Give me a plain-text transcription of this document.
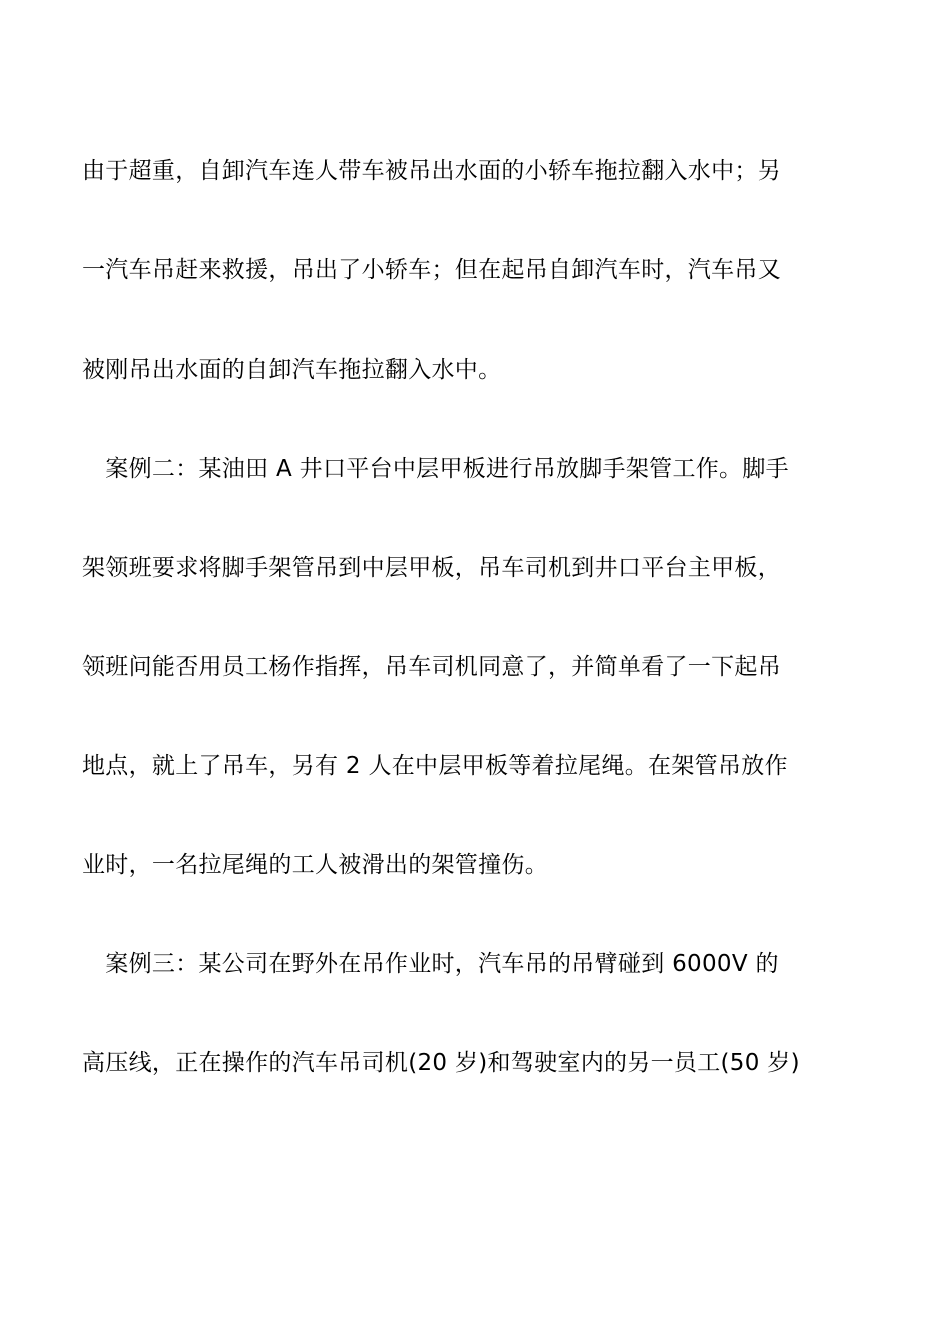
由于超重，自卸汽车连人带车被吊出水面的小轿车拖拉翻入水中；另
一汽车吊赶来救援，吊出了小轿车；但在起吊自卸汽车时，汽车吊又
被刚吊出水面的自卸汽车拖拉翻入水中。
　案例二：某油田 A 井口平台中层甲板进行吊放脚手架管工作。脚手
架领班要求将脚手架管吊到中层甲板，吊车司机到井口平台主甲板，
领班问能否用员工杨作指挥，吊车司机同意了，并简单看了一下起吊
地点，就上了吊车，另有 2 人在中层甲板等着拉尾绳。在架管吊放作
业时，一名拉尾绳的工人被滑出的架管撞伤。
　案例三：某公司在野外在吊作业时，汽车吊的吊臂碰到 6000V 的
高压线，正在操作的汽车吊司机(20 岁)和驾驶室内的另一员工(50 岁)
